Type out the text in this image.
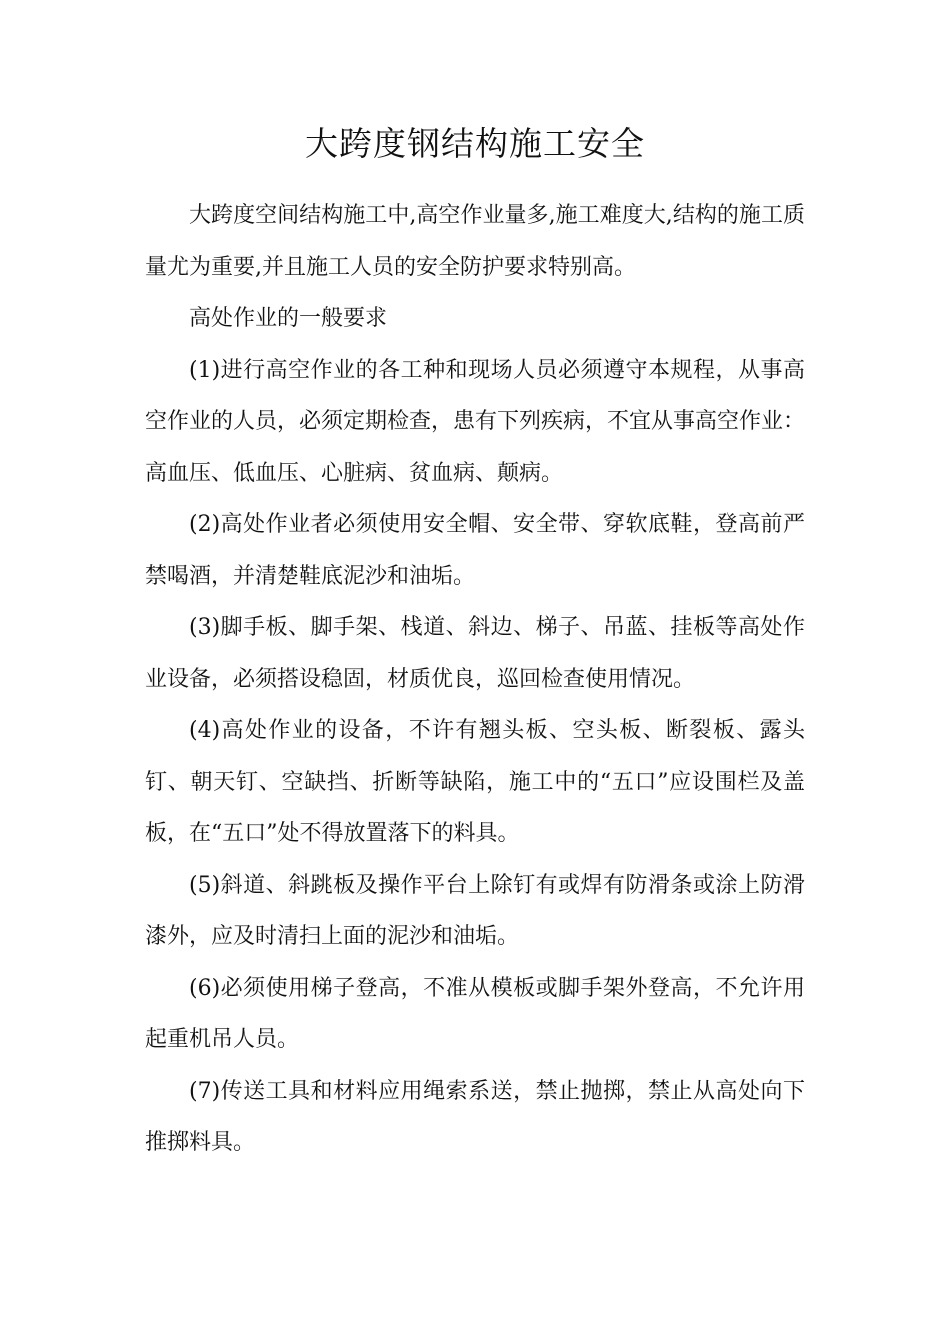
大跨度钢结构施工安全

大跨度空间结构施工中,高空作业量多,施工难度大,结构的施工质量尤为重要,并且施工人员的安全防护要求特别高。

高处作业的一般要求

(1)进行高空作业的各工种和现场人员必须遵守本规程，从事高空作业的人员，必须定期检查，患有下列疾病，不宜从事高空作业：高血压、低血压、心脏病、贫血病、颠病。

(2)高处作业者必须使用安全帽、安全带、穿软底鞋，登高前严禁喝酒，并清楚鞋底泥沙和油垢。

(3)脚手板、脚手架、栈道、斜边、梯子、吊蓝、挂板等高处作业设备，必须搭设稳固，材质优良，巡回检查使用情况。

(4)高处作业的设备，不许有翘头板、空头板、断裂板、露头钉、朝天钉、空缺挡、折断等缺陷，施工中的“五口”应设围栏及盖板，在“五口”处不得放置落下的料具。

(5)斜道、斜跳板及操作平台上除钉有或焊有防滑条或涂上防滑漆外，应及时清扫上面的泥沙和油垢。

(6)必须使用梯子登高，不准从模板或脚手架外登高，不允许用起重机吊人员。

(7)传送工具和材料应用绳索系送，禁止抛掷，禁止从高处向下推掷料具。
